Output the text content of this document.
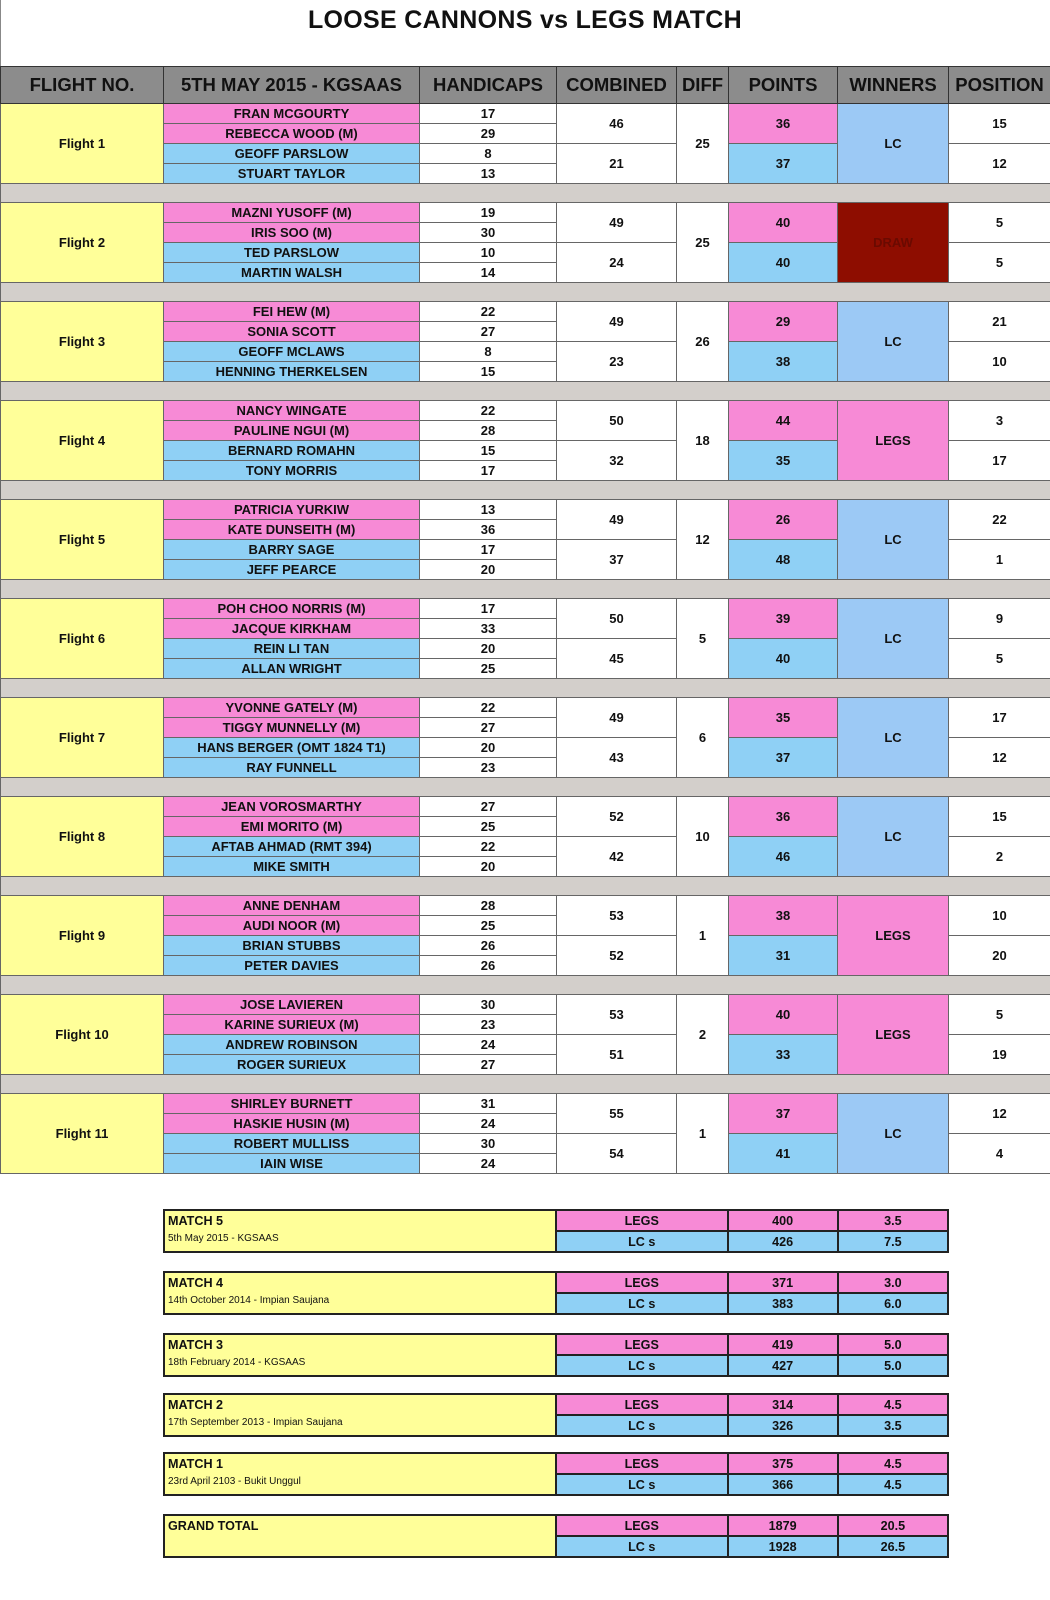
LOOSE CANNONS vs LEGS MATCH
FLIGHT NO.	5TH MAY 2015 - KGSAAS	HANDICAPS	COMBINED	DIFF	POINTS	WINNERS	POSITION
Flight 1	FRAN MCGOURTY	17	46	25	36	LC	15
	REBECCA WOOD (M)	29					
	GEOFF PARSLOW	8	21		37		12
	STUART TAYLOR	13					

Flight 2	MAZNI YUSOFF (M)	19	49	25	40	DRAW	5
	IRIS SOO (M)	30					
	TED PARSLOW	10	24		40		5
	MARTIN WALSH	14					

Flight 3	FEI HEW (M)	22	49	26	29	LC	21
	SONIA SCOTT	27					
	GEOFF MCLAWS	8	23		38		10
	HENNING THERKELSEN	15					

Flight 4	NANCY WINGATE	22	50	18	44	LEGS	3
	PAULINE NGUI (M)	28					
	BERNARD ROMAHN	15	32		35		17
	TONY MORRIS	17					

Flight 5	PATRICIA YURKIW	13	49	12	26	LC	22
	KATE DUNSEITH (M)	36					
	BARRY SAGE	17	37		48		1
	JEFF PEARCE	20					

Flight 6	POH CHOO NORRIS (M)	17	50	5	39	LC	9
	JACQUE KIRKHAM	33					
	REIN LI TAN	20	45		40		5
	ALLAN WRIGHT	25					

Flight 7	YVONNE GATELY (M)	22	49	6	35	LC	17
	TIGGY MUNNELLY (M)	27					
	HANS BERGER (OMT 1824 T1)	20	43		37		12
	RAY FUNNELL	23					

Flight 8	JEAN VOROSMARTHY	27	52	10	36	LC	15
	EMI MORITO (M)	25					
	AFTAB AHMAD (RMT 394)	22	42		46		2
	MIKE SMITH	20					

Flight 9	ANNE DENHAM	28	53	1	38	LEGS	10
	AUDI NOOR (M)	25					
	BRIAN STUBBS	26	52		31		20
	PETER DAVIES	26					

Flight 10	JOSE LAVIEREN	30	53	2	40	LEGS	5
	KARINE SURIEUX (M)	23					
	ANDREW ROBINSON	24	51		33		19
	ROGER SURIEUX	27					

Flight 11	SHIRLEY BURNETT	31	55	1	37	LC	12
	HASKIE HUSIN (M)	24					
	ROBERT MULLISS	30	54		41		4
	IAIN WISE	24					
MATCH 5
5th May 2015 - KGSAAS	LEGS	400	3.5
	LC s	426	7.5
MATCH 4
14th October 2014 - Impian Saujana	LEGS	371	3.0
	LC s	383	6.0
MATCH 3
18th February 2014 - KGSAAS	LEGS	419	5.0
	LC s	427	5.0
MATCH 2
17th September 2013 - Impian Saujana	LEGS	314	4.5
	LC s	326	3.5
MATCH 1
23rd April 2103 - Bukit Unggul	LEGS	375	4.5
	LC s	366	4.5
GRAND TOTAL	LEGS	1879	20.5
	LC s	1928	26.5
